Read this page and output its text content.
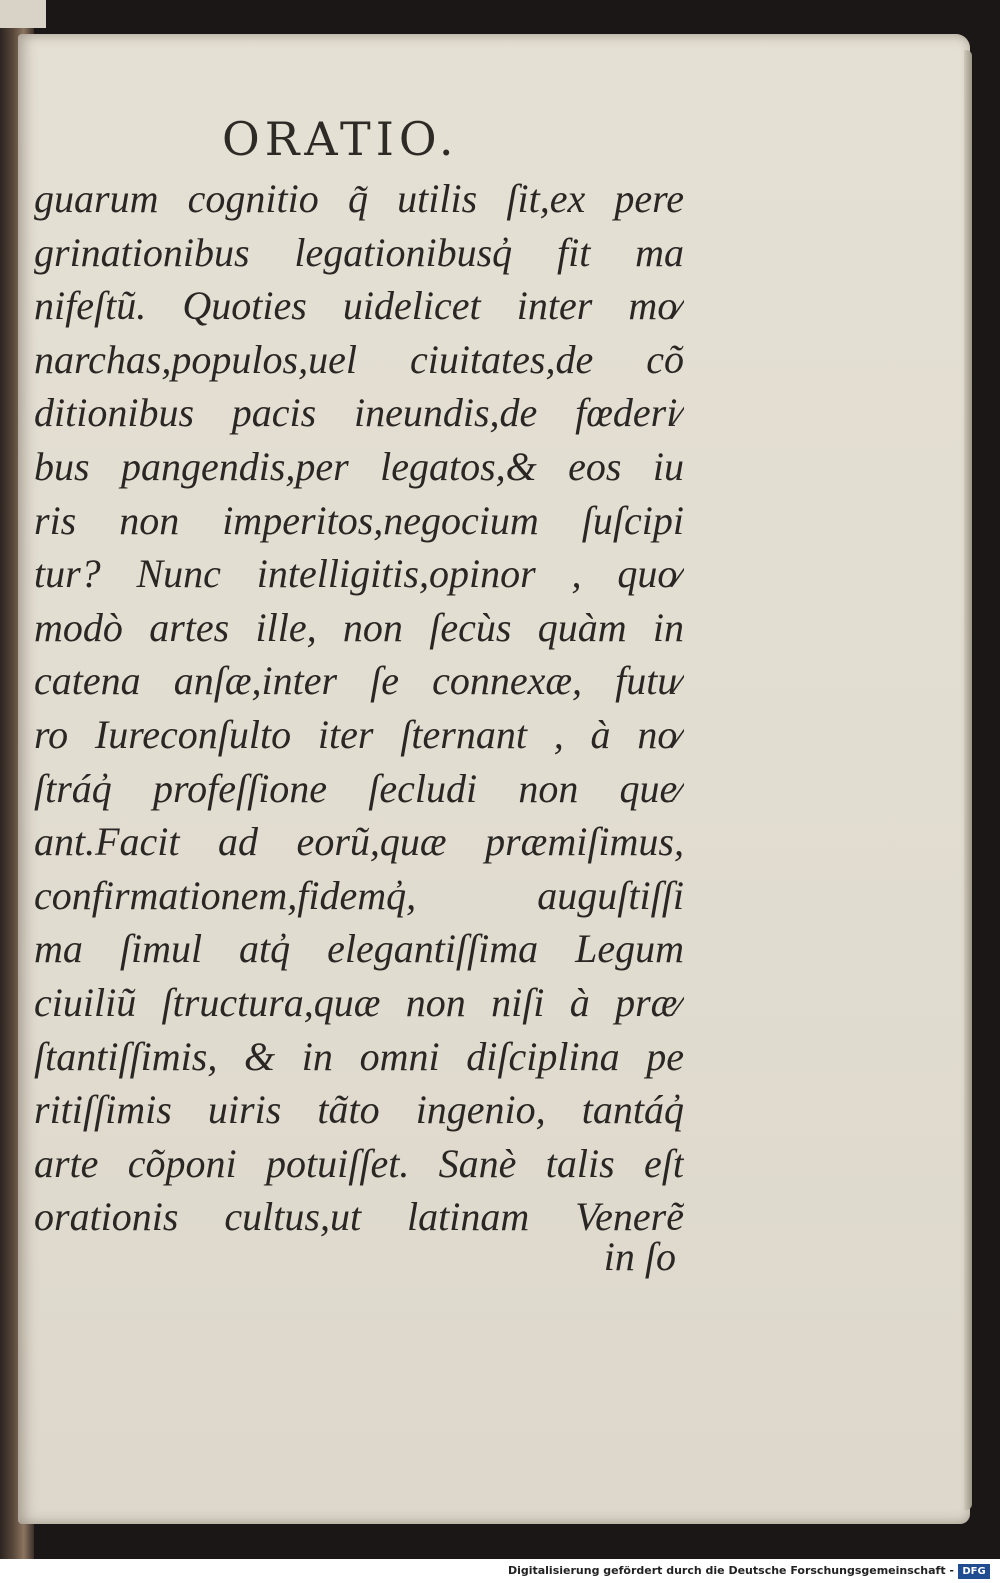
ORATIO.
guarum cognitio q̃ utilis ſit,ex pere
grinationibus legationibusq̓ fit ma
nifeſtũ. Quoties uidelicet inter mo⁄
narchas,populos,uel ciuitates,de cõ
ditionibus pacis ineundis,de fœderi⁄
bus pangendis,per legatos,& eos iu
ris non imperitos,negocium ſuſcipi
tur? Nunc intelligitis,opinor , quo⁄
modò artes ille, non ſecùs quàm in
catena anſæ,inter ſe connexæ, futu⁄
ro Iureconſulto iter ſternant , à no⁄
ſtráq̓ profeſſione ſecludi non que⁄
ant.Facit ad eorũ,quæ præmiſimus,
confirmationem,fidemq̓, auguſtiſſi
ma ſimul atq̓ elegantiſſima Legum
ciuiliũ ſtructura,quæ non niſi à præ⁄
ſtantiſſimis, & in omni diſciplina pe
ritiſſimis uiris tãto ingenio, tantáq̓
arte cõponi potuiſſet. Sanè talis eſt
orationis cultus,ut latinam Venerẽ

in ſo

Digitalisierung gefördert durch die Deutsche Forschungsgemeinschaft - DFG
